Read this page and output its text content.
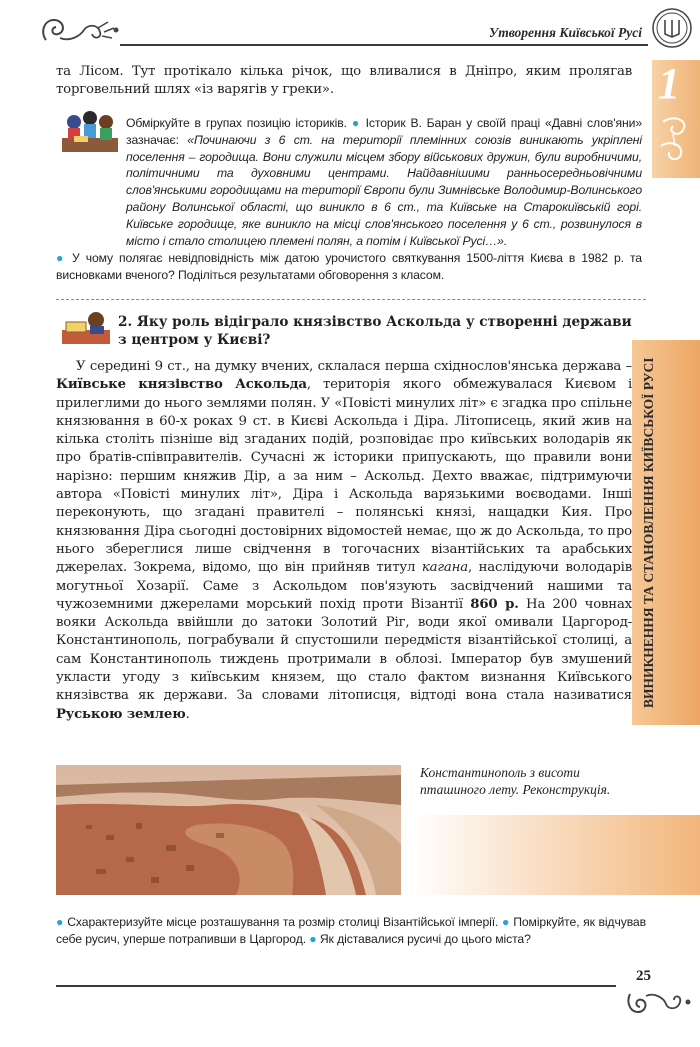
Утворення Київської Русі
1

та Лісом. Тут протікало кілька річок, що вливалися в Дніпро, яким пролягав торговельний шлях «із варягів у греки».

Обміркуйте в групах позицію істориків. ● Історик В. Баран у своїй праці «Давні слов'яни» зазначає: «Починаючи з 6 ст. на території племінних союзів виникають укріплені поселення – городища. Вони служили місцем збору військових дружин, були виробничими, політичними та духовними центрами. Найдавнішими ранньосередньовічними слов'янськими городищами на території Європи були Зимнівське Володимир-Волинського району Волинської області, що виникло в 6 ст., та Київське на Старокиївській горі. Київське городище, яке виникло на місці слов'янського поселення у 6 ст., розвинулося в місто і стало столицею племені полян, а потім і Київської Русі…».
● У чому полягає невідповідність між датою урочистого святкування 1500-ліття Києва в 1982 р. та висновками вченого? Поділіться результатами обговорення з класом.

2. Яку роль відіграло князівство Аскольда у створенні держави з центром у Києві?

У середині 9 ст., на думку вчених, склалася перша східнослов'янська держава – Київське князівство Аскольда, територія якого обмежувалася Києвом і прилеглими до нього землями полян. У «Повісті минулих літ» є згадка про спільне князювання в 60-х роках 9 ст. в Києві Аскольда і Діра. Літописець, який жив на кілька століть пізніше від згаданих подій, розповідає про київських володарів як про братів-співправителів. Сучасні ж історики припускають, що правили вони нарізно: першим княжив Дір, а за ним – Аскольд. Дехто вважає, підтримуючи автора «Повісті минулих літ», Діра і Аскольда варязькими воєводами. Інші переконують, що згадані правителі – полянські князі, нащадки Кия. Про князювання Діра сьогодні достовірних відомостей немає, що ж до Аскольда, то про нього збереглися лише свідчення в тогочасних візантійських та арабських джерелах. Зокрема, відомо, що він прийняв титул кагана, наслідуючи володарів могутньої Хозарії. Саме з Аскольдом пов'язують засвідчений нашими та чужоземними джерелами морський похід проти Візантії 860 р. На 200 човнах вояки Аскольда ввійшли до затоки Золотий Ріг, води якої омивали Царгород-Константинополь, пограбували й спустошили передмістя візантійської столиці, а сам Константинополь тиждень протримали в облозі. Імператор був змушений укласти угоду з київським князем, що стало фактом визнання Київського князівства як держави. За словами літописця, відтоді вона стала називатися Руською землею.
ВИНИКНЕННЯ ТА СТАНОВЛЕННЯ КИЇВСЬКОЇ РУСІ
Константинополь з висоти пташиного лету. Реконструкція.
● Схарактеризуйте місце розташування та розмір столиці Візантійської імперії. ● Поміркуйте, як відчував себе русич, уперше потрапивши в Царгород. ● Як діставалися русичі до цього міста?
25
